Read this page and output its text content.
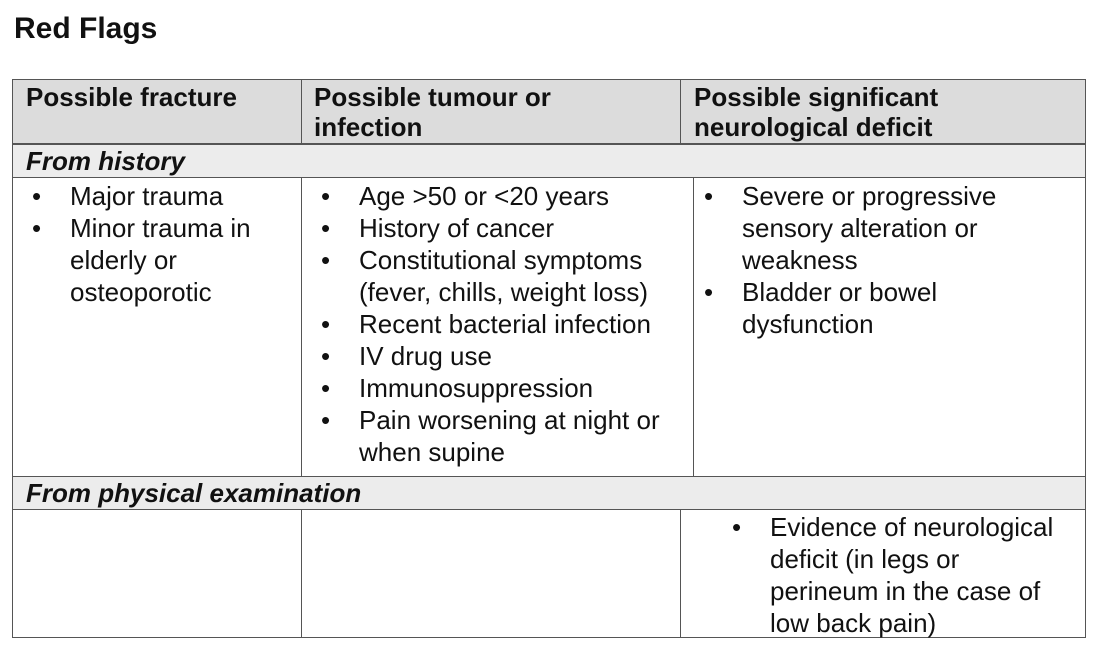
Red Flags
Possible fracture	Possible tumour or infection
Possible significant neurological deficit
From history
• Major trauma
• Minor trauma in elderly or osteoporotic
• Age >50 or <20 years
• History of cancer
• Constitutional symptoms (fever, chills, weight loss)
• Recent bacterial infection
• IV drug use
• Immunosuppression
• Pain worsening at night or when supine
• Severe or progressive sensory alteration or weakness
• Bladder or bowel dysfunction
From physical examination
• Evidence of neurological deficit (in legs or perineum in the case of low back pain)
